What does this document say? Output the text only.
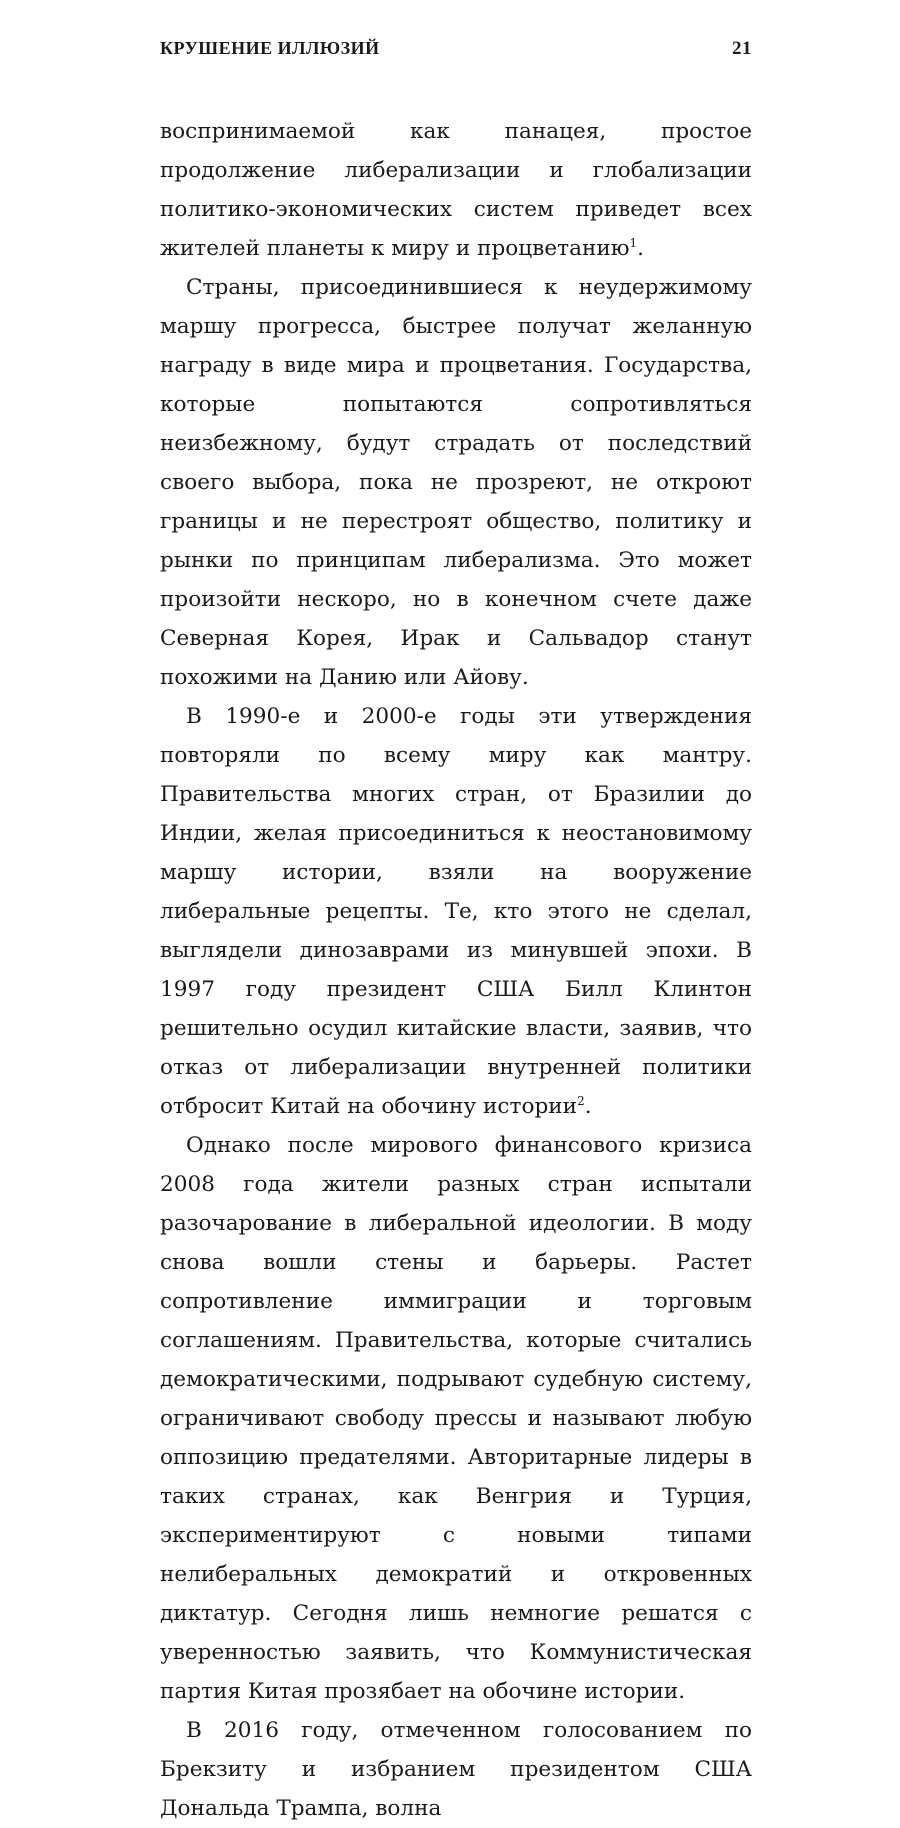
КРУШЕНИЕ ИЛЛЮЗИЙ	21

воспринимаемой как панацея, простое продолжение либерализации и глобализации политико-экономических систем приведет всех жителей планеты к миру и процветанию$^1$.

Страны, присоединившиеся к неудержимому маршу прогресса, быстрее получат желанную награду в виде мира и процветания. Государства, которые попытаются сопротивляться неизбежному, будут страдать от последствий своего выбора, пока не прозреют, не откроют границы и не перестроят общество, политику и рынки по принципам либерализма. Это может произойти нескоро, но в конечном счете даже Северная Корея, Ирак и Сальвадор станут похожими на Данию или Айову.

В 1990-е и 2000-е годы эти утверждения повторяли по всему миру как мантру. Правительства многих стран, от Бразилии до Индии, желая присоединиться к неостановимому маршу истории, взяли на вооружение либеральные рецепты. Те, кто этого не сделал, выглядели динозаврами из минувшей эпохи. В 1997 году президент США Билл Клинтон решительно осудил китайские власти, заявив, что отказ от либерализации внутренней политики отбросит Китай на обочину истории$^2$.

Однако после мирового финансового кризиса 2008 года жители разных стран испытали разочарование в либеральной идеологии. В моду снова вошли стены и барьеры. Растет сопротивление иммиграции и торговым соглашениям. Правительства, которые считались демократическими, подрывают судебную систему, ограничивают свободу прессы и называют любую оппозицию предателями. Авторитарные лидеры в таких странах, как Венгрия и Турция, экспериментируют с новыми типами нелиберальных демократий и откровенных диктатур. Сегодня лишь немногие решатся с уверенностью заявить, что Коммунистическая партия Китая прозябает на обочине истории.

В 2016 году, отмеченном голосованием по Брекзиту и избранием президентом США Дональда Трампа, волна
